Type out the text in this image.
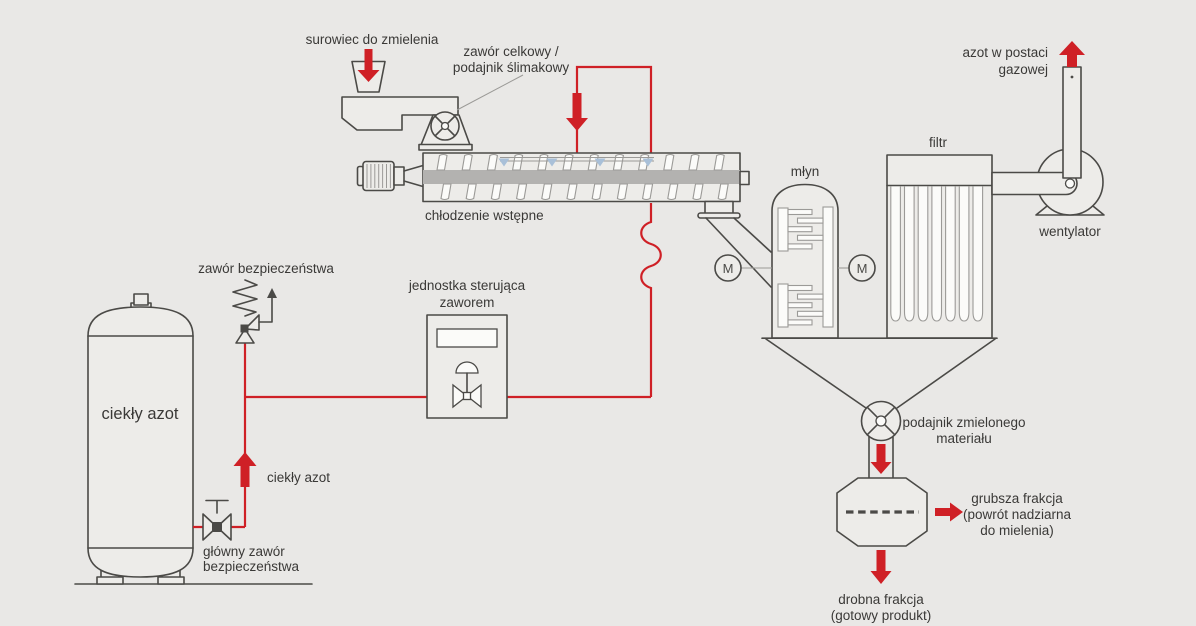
ciekły azot
główny zawór
bezpieczeństwa
zawór bezpieczeństwa
ciekły azot
jednostka sterująca
zaworem
surowiec do zmielenia
zawór celkowy /
podajnik ślimakowy
chłodzenie wstępne
młyn
M	M
filtr
podajnik zmielonego
materiału
grubsza frakcja
(powrót nadziarna
do mielenia)
drobna frakcja
(gotowy produkt)
azot w postaci
gazowej
wentylator
